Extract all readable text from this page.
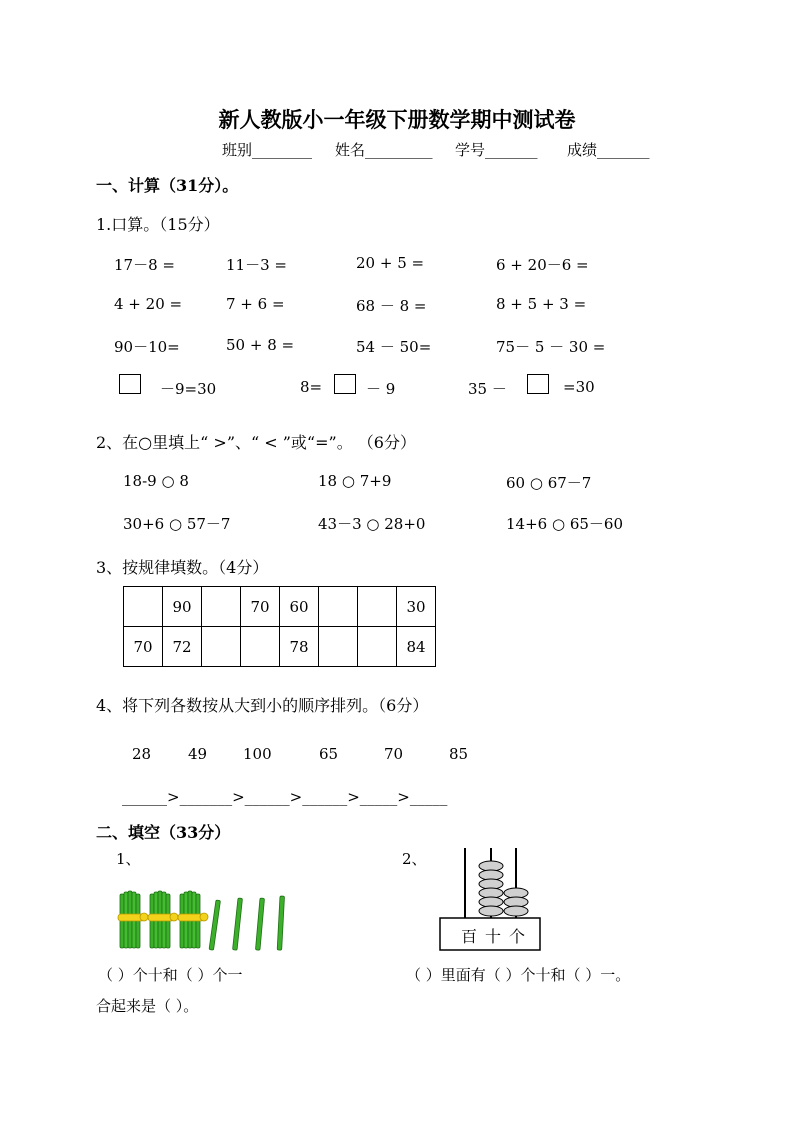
新人教版小一年级下册数学期中测试卷
班别________ 姓名_________ 学号_______ 成绩_______
一、计算（31分）。
1.口算。（15分）
17－8 =	11－3 =	20 + 5 =	6 + 20－6 =
4 + 20 =	7 + 6 =	68 － 8 =	8 + 5 + 3 =
90－10=	50 + 8 =	54 － 50=	75－ 5 － 30 =
－9=30	8=	－ 9	35 －	=30
2、在○里填上“ >”、“ < ”或“=”。 （6分）
18-9 ○ 8	18 ○ 7+9	60 ○ 67－7
30+6 ○ 57－7	43－3 ○ 28+0	14+6 ○ 65－60
3、按规律填数。（4分）
	90		70	60			30
70	72			78			84
4、将下列各数按从大到小的顺序排列。（6分）
28 49 100	65	70	85
______>_______>______>______>_____>_____
二、填空（33分）
1、	2、
百 十 个
（ ）个十和（ ）个一	（ ）里面有（ ）个十和（ ）一。
合起来是（ ）。
